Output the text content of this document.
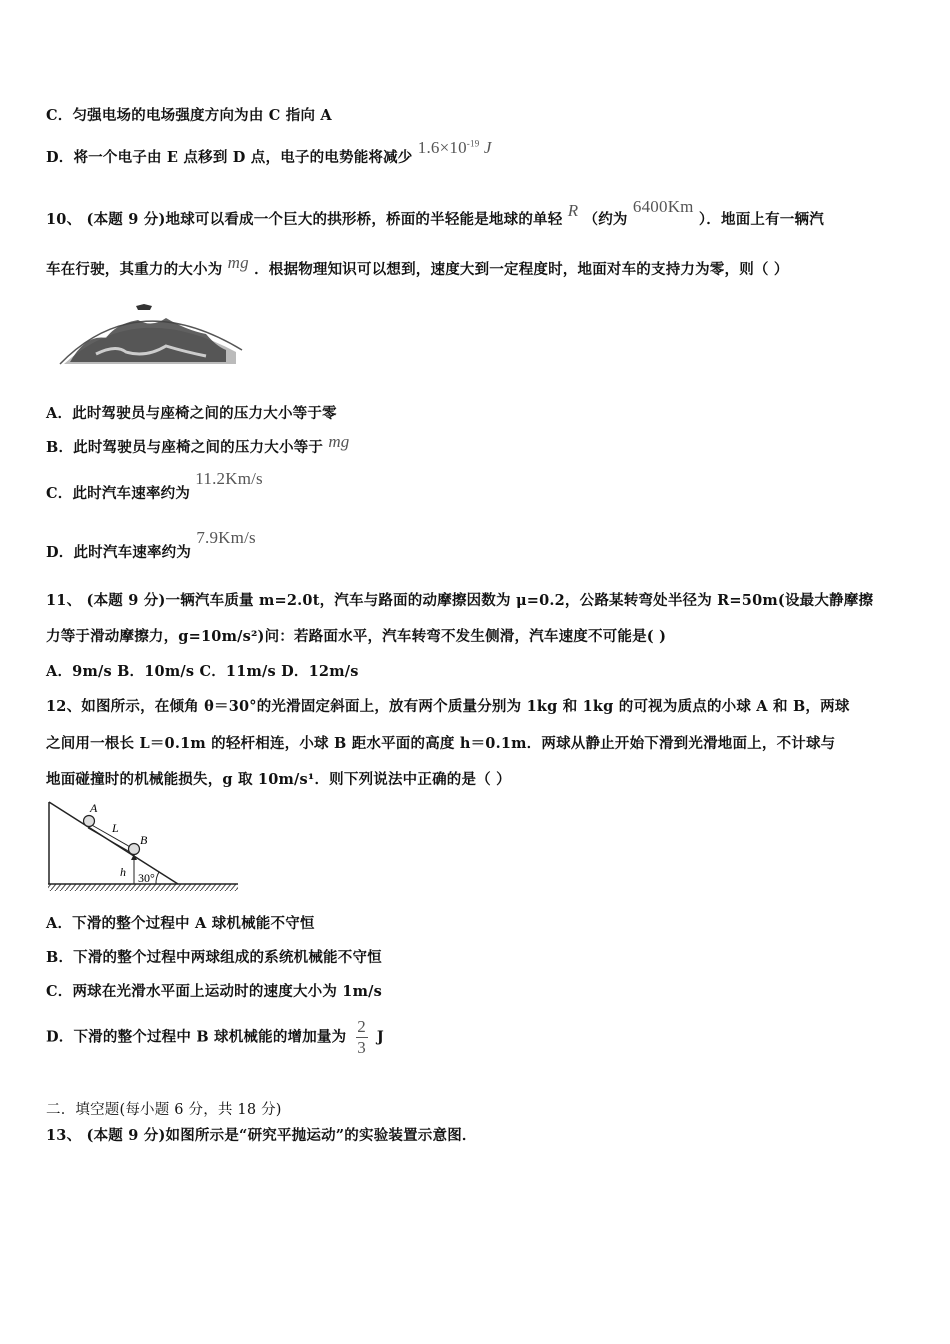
C．匀强电场的电场强度方向为由 C 指向 A
D．将一个电子由 E 点移到 D 点，电子的电势能将减少 $1.6\times 10^{-19}$ J
10、 (本题 9 分)地球可以看成一个巨大的拱形桥，桥面的半轻能是地球的单轻 R （约为 6400Km ）．地面上有一辆汽
车在行驶，其重力的大小为 mg ．根据物理知识可以想到，速度大到一定程度时，地面对车的支持力为零，则（ ）
A．此时驾驶员与座椅之间的压力大小等于零
B．此时驾驶员与座椅之间的压力大小等于 mg
C．此时汽车速率约为 11.2Km/s
D．此时汽车速率约为 7.9Km/s
11、 (本题 9 分)一辆汽车质量 m=2.0t，汽车与路面的动摩擦因数为 μ=0.2，公路某转弯处半径为 R=50m(设最大静摩擦
力等于滑动摩擦力，g=10m/s²)问：若路面水平，汽车转弯不发生侧滑，汽车速度不可能是( )
A．9m/s B．10m/s C．11m/s D．12m/s
12、如图所示，在倾角 θ＝30°的光滑固定斜面上，放有两个质量分别为 1kg 和 1kg 的可视为质点的小球 A 和 B，两球
之间用一根长 L＝0.1m 的轻杆相连，小球 B 距水平面的高度 h＝0.1m．两球从静止开始下滑到光滑地面上，不计球与
地面碰撞时的机械能损失，g 取 10m/s¹．则下列说法中正确的是（ ）
A
L
B
h 30°
A．下滑的整个过程中 A 球机械能不守恒
B．下滑的整个过程中两球组成的系统机械能不守恒
C．两球在光滑水平面上运动时的速度大小为 1m/s
D．下滑的整个过程中 B 球机械能的增加量为 $\frac{2}{3}$ J
二．填空题(每小题 6 分，共 18 分)
13、 (本题 9 分)如图所示是“研究平抛运动”的实验装置示意图．
